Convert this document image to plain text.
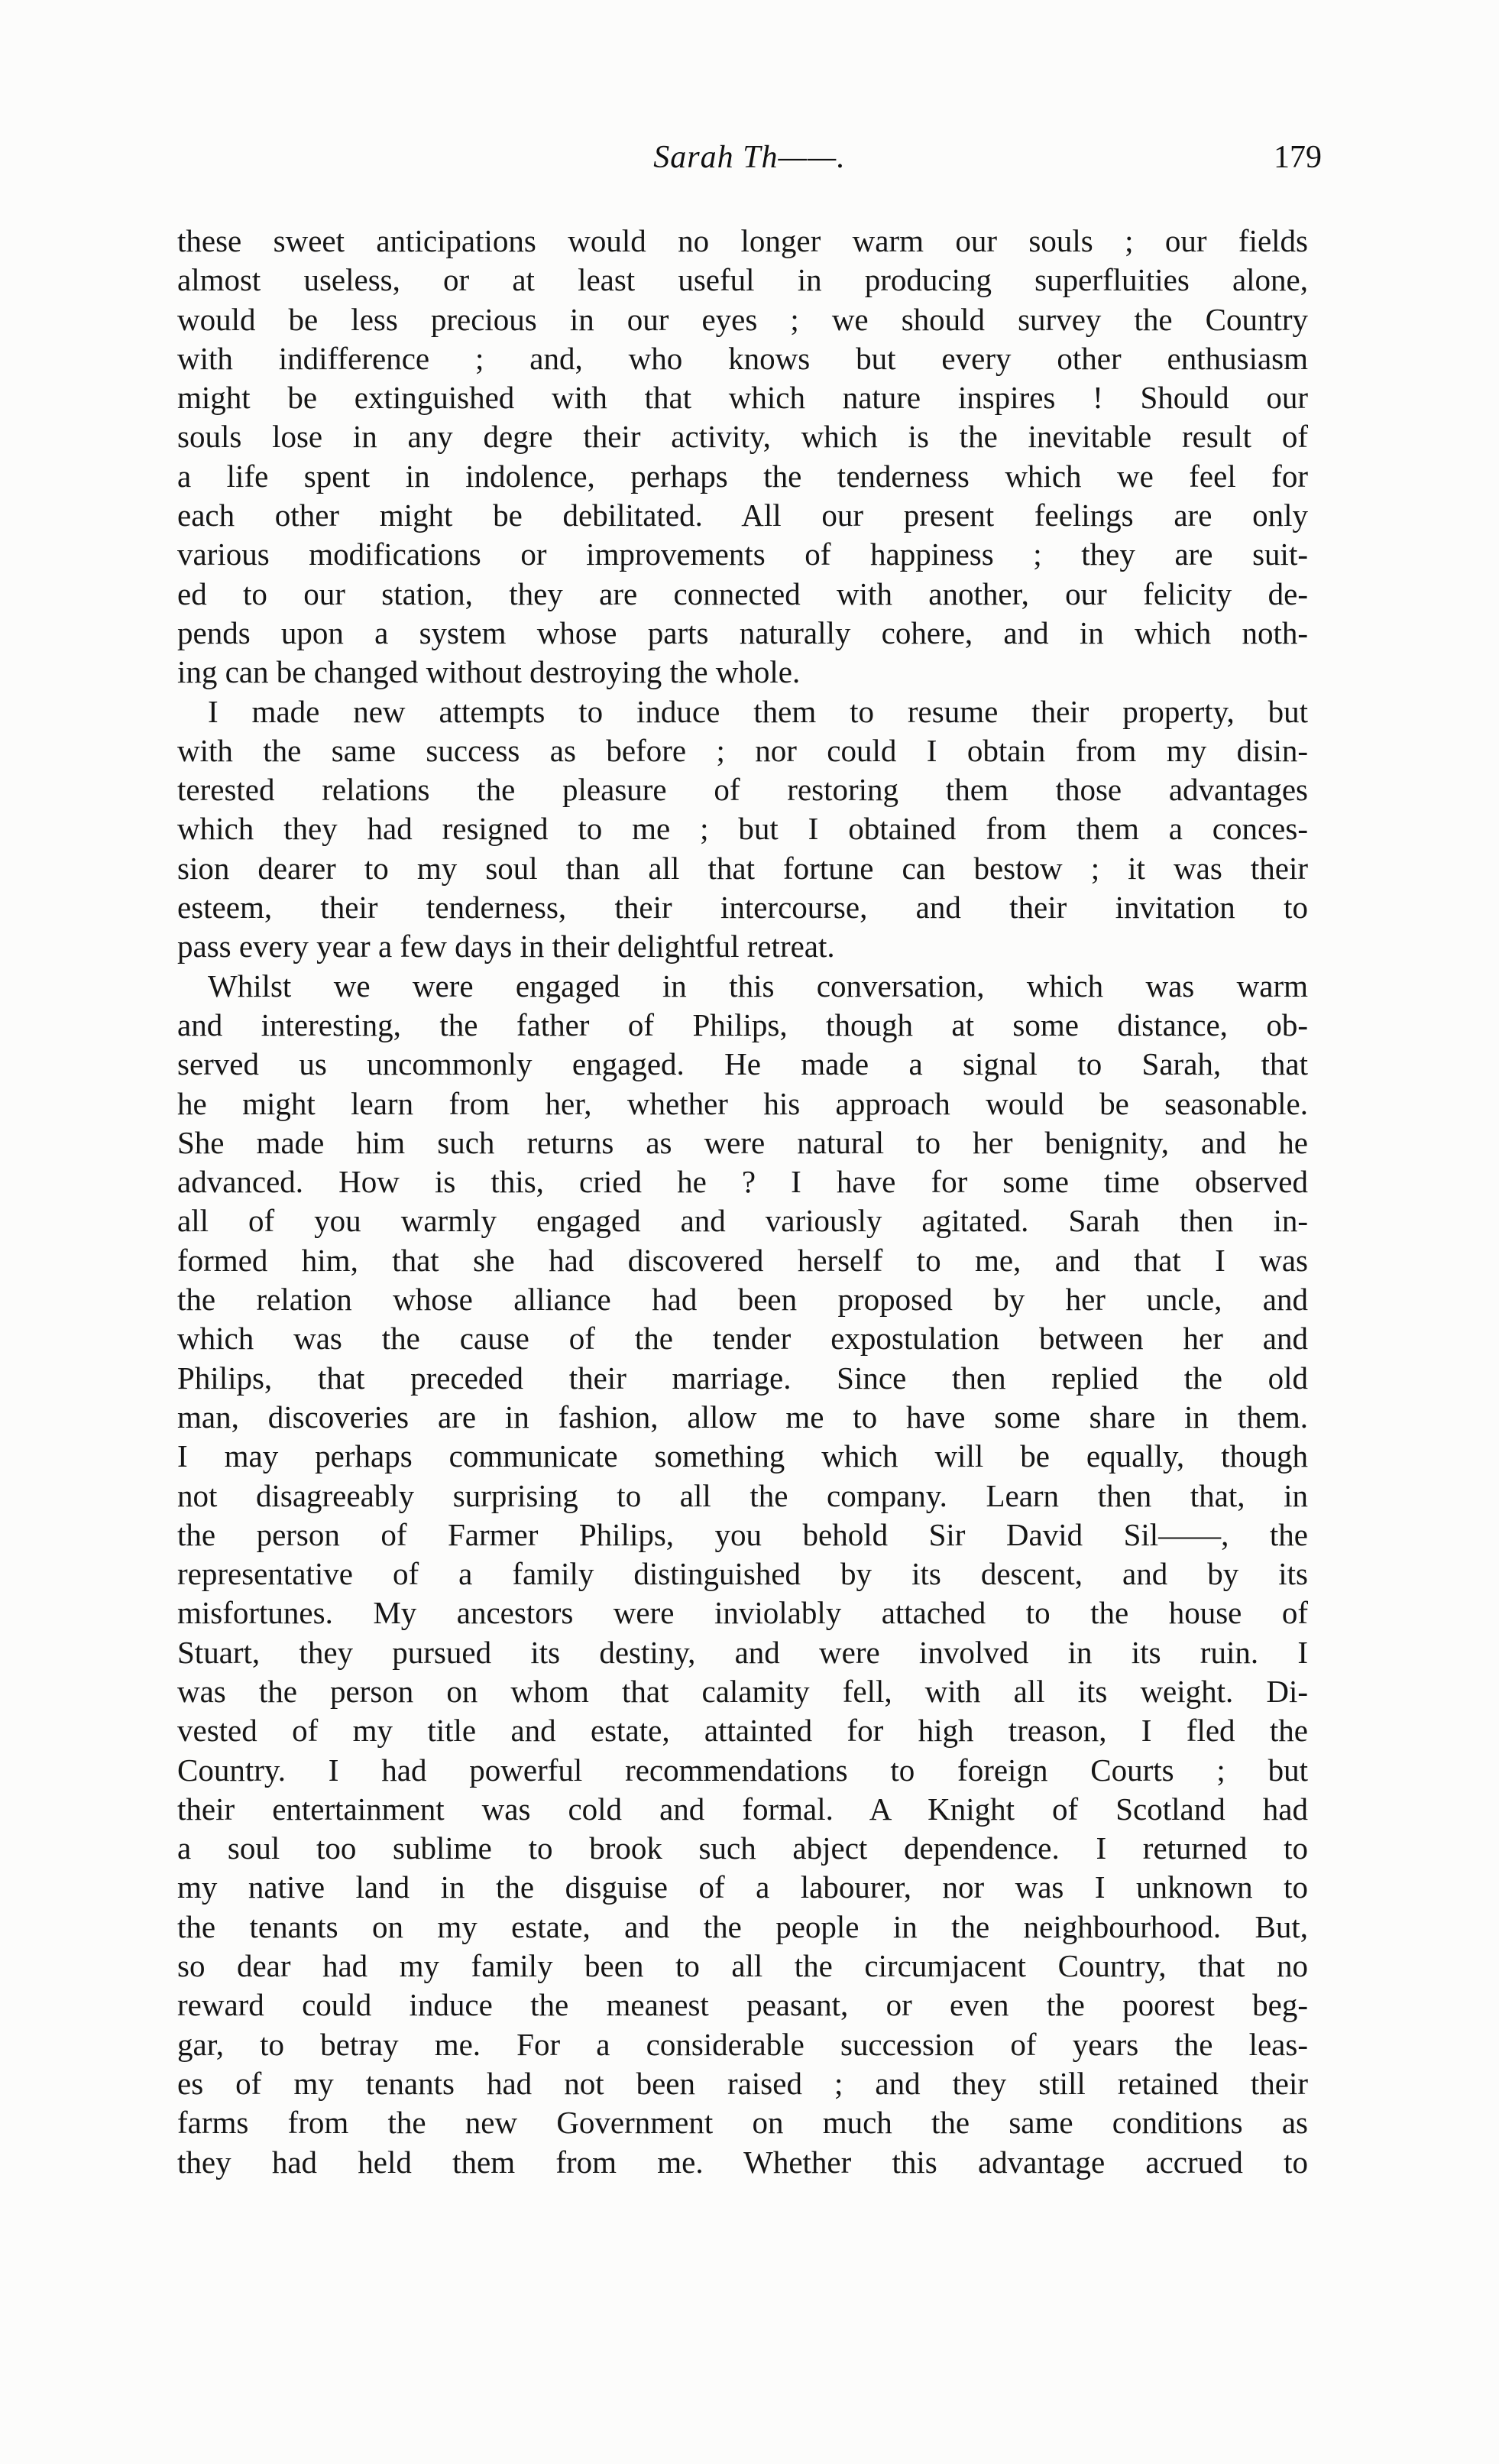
Sarah Th——.	179
these sweet anticipations would no longer warm our souls ; our fields
almost useless, or at least useful in producing superfluities alone,
would be less precious in our eyes ; we should survey the Country
with indifference ; and, who knows but every other enthusiasm
might be extinguished with that which nature inspires ! Should our
souls lose in any degre their activity, which is the inevitable result of
a life spent in indolence, perhaps the tenderness which we feel for
each other might be debilitated. All our present feelings are only
various modifications or improvements of happiness ; they are suit-
ed to our station, they are connected with another, our felicity de-
pends upon a system whose parts naturally cohere, and in which noth-
ing can be changed without destroying the whole.
I made new attempts to induce them to resume their property, but
with the same success as before ; nor could I obtain from my disin-
terested relations the pleasure of restoring them those advantages
which they had resigned to me ; but I obtained from them a conces-
sion dearer to my soul than all that fortune can bestow ; it was their
esteem, their tenderness, their intercourse, and their invitation to
pass every year a few days in their delightful retreat.
Whilst we were engaged in this conversation, which was warm
and interesting, the father of Philips, though at some distance, ob-
served us uncommonly engaged. He made a signal to Sarah, that
he might learn from her, whether his approach would be seasonable.
She made him such returns as were natural to her benignity, and he
advanced. How is this, cried he ? I have for some time observed
all of you warmly engaged and variously agitated. Sarah then in-
formed him, that she had discovered herself to me, and that I was
the relation whose alliance had been proposed by her uncle, and
which was the cause of the tender expostulation between her and
Philips, that preceded their marriage. Since then replied the old
man, discoveries are in fashion, allow me to have some share in them.
I may perhaps communicate something which will be equally, though
not disagreeably surprising to all the company. Learn then that, in
the person of Farmer Philips, you behold Sir David Sil——, the
representative of a family distinguished by its descent, and by its
misfortunes. My ancestors were inviolably attached to the house of
Stuart, they pursued its destiny, and were involved in its ruin. I
was the person on whom that calamity fell, with all its weight. Di-
vested of my title and estate, attainted for high treason, I fled the
Country. I had powerful recommendations to foreign Courts ; but
their entertainment was cold and formal. A Knight of Scotland had
a soul too sublime to brook such abject dependence. I returned to
my native land in the disguise of a labourer, nor was I unknown to
the tenants on my estate, and the people in the neighbourhood. But,
so dear had my family been to all the circumjacent Country, that no
reward could induce the meanest peasant, or even the poorest beg-
gar, to betray me. For a considerable succession of years the leas-
es of my tenants had not been raised ; and they still retained their
farms from the new Government on much the same conditions as
they had held them from me. Whether this advantage accrued to
